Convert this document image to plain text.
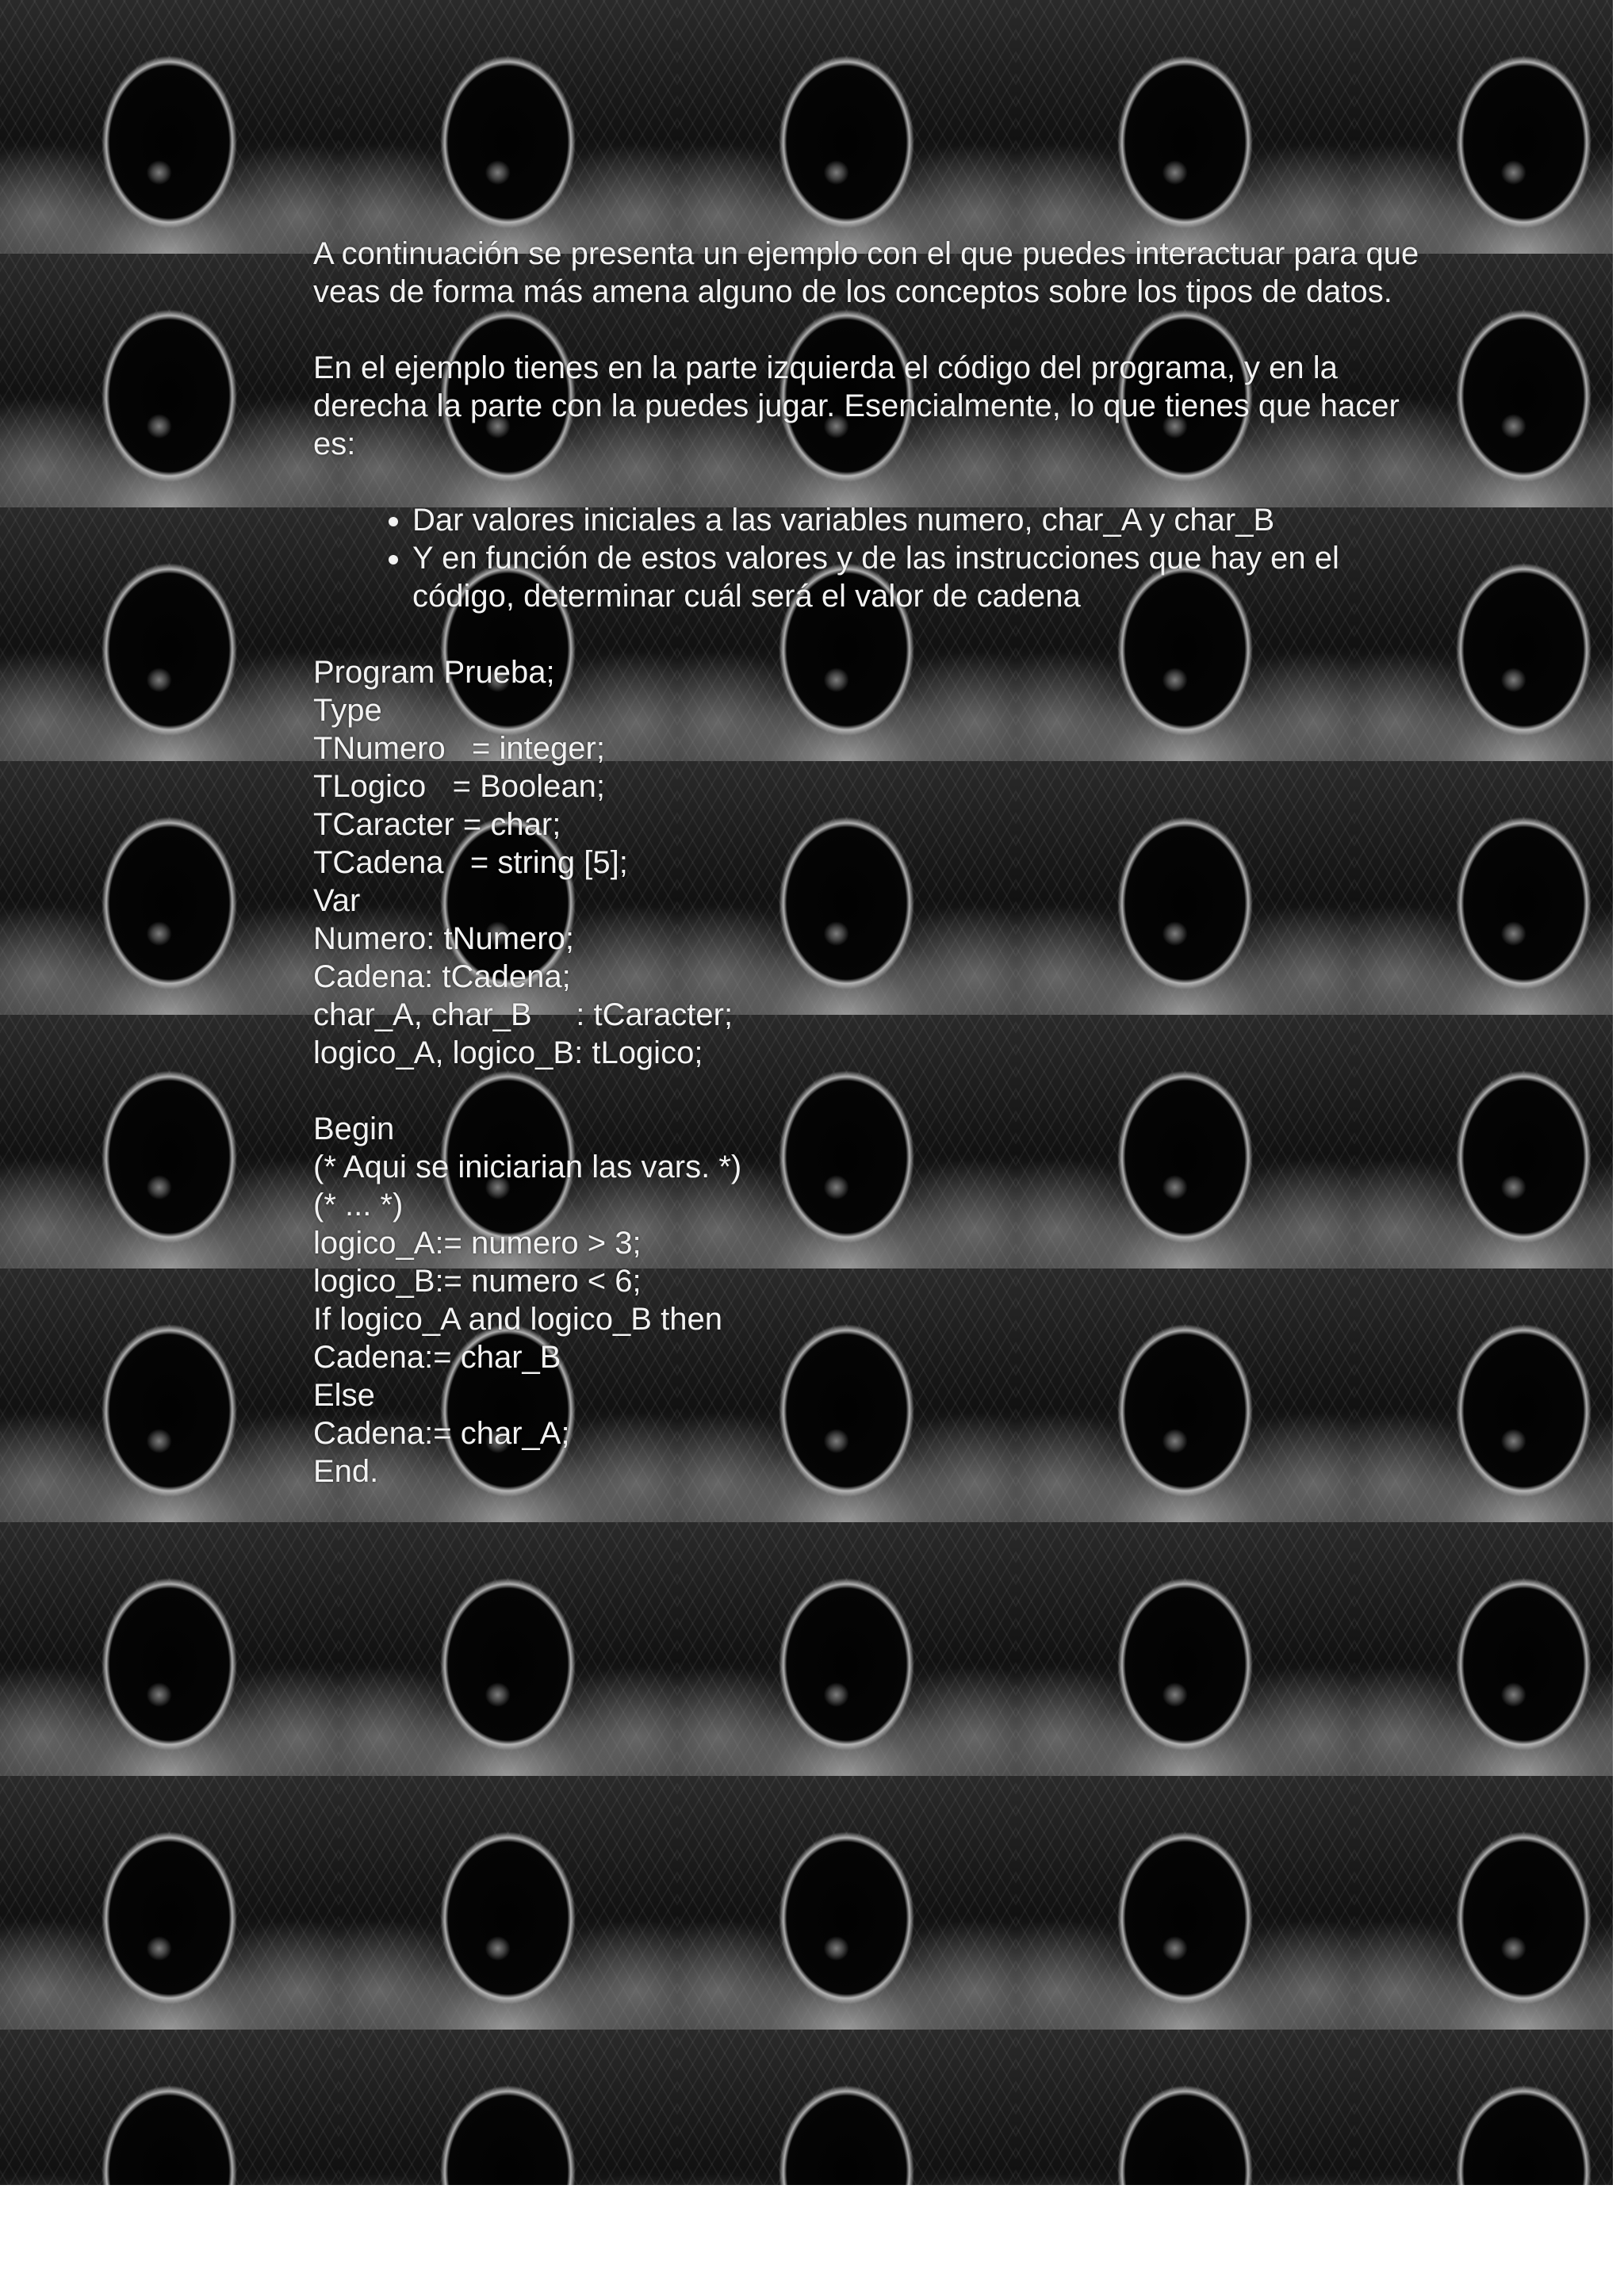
A continuación se presenta un ejemplo con el que puedes interactuar para que veas de forma más amena alguno de los conceptos sobre los tipos de datos.

En el ejemplo tienes en la parte izquierda el código del programa, y en la derecha la parte con la puedes jugar. Esencialmente, lo que tienes que hacer es:

• Dar valores iniciales a las variables numero, char_A y char_B
• Y en función de estos valores y de las instrucciones que hay en el código, determinar cuál será el valor de cadena
Program Prueba;
Type
TNumero   = integer;
TLogico   = Boolean;
TCaracter = char;
TCadena   = string [5];
Var
Numero: tNumero;
Cadena: tCadena;
char_A, char_B     : tCaracter;
logico_A, logico_B: tLogico;
Begin
(* Aqui se iniciarian las vars. *)
(* ... *)
logico_A:= numero > 3;
logico_B:= numero < 6;
If logico_A and logico_B then
Cadena:= char_B
Else
Cadena:= char_A;
End.
